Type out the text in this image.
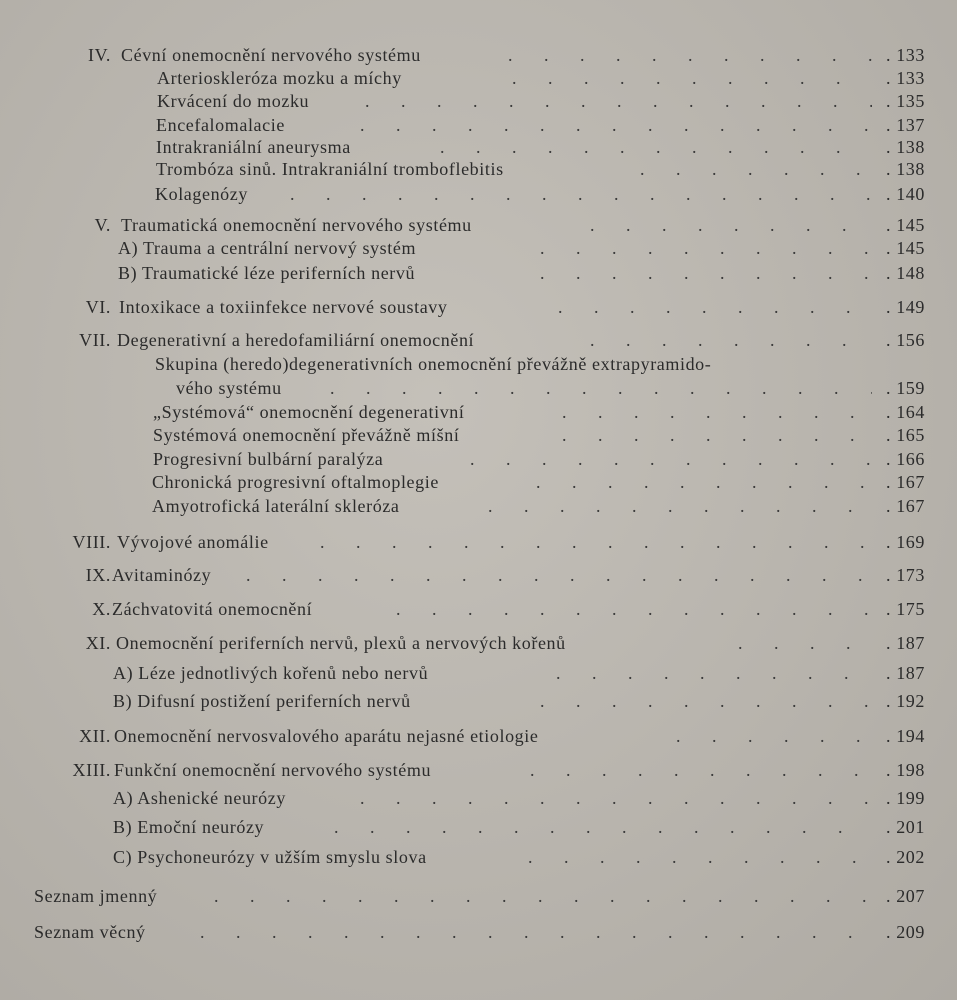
IV. Cévní onemocnění nervového systému .	. 133
Arterioskleróza mozku a míchy .	. 133
Krvácení do mozku .	. 135
Encefalomalacie .	. 137
Intrakraniální aneurysma .	. 138
Trombóza sinů. Intrakraniální tromboflebitis .	. 138
Kolagenózy .	. 140
V. Traumatická onemocnění nervového systému .	. 145
A) Trauma a centrální nervový systém .	. 145
B) Traumatické léze periferních nervů .	. 148
VI. Intoxikace a toxiinfekce nervové soustavy .	. 149
VII. Degenerativní a heredofamiliární onemocnění .	. 156
Skupina (heredo)degenerativních onemocnění převážně extrapyramido-
vého systému .	. 159
„Systémová“ onemocnění degenerativní .	. 164
Systémová onemocnění převážně míšní .	. 165
Progresivní bulbární paralýza .	. 166
Chronická progresivní oftalmoplegie .	. 167
Amyotrofická laterální skleróza .	. 167
VIII. Vývojové anomálie .	. 169
IX. Avitaminózy .	. 173
X. Záchvatovitá onemocnění .	. 175
XI. Onemocnění periferních nervů, plexů a nervových kořenů .	. 187
A) Léze jednotlivých kořenů nebo nervů .	. 187
B) Difusní postižení periferních nervů .	. 192
XII. Onemocnění nervosvalového aparátu nejasné etiologie .	. 194
XIII. Funkční onemocnění nervového systému .	. 198
A) Ashenické neurózy .	. 199
B) Emoční neurózy .	. 201
C) Psychoneurózy v užším smyslu slova .	. 202
Seznam jmenný .	. 207
Seznam věcný .	. 209
